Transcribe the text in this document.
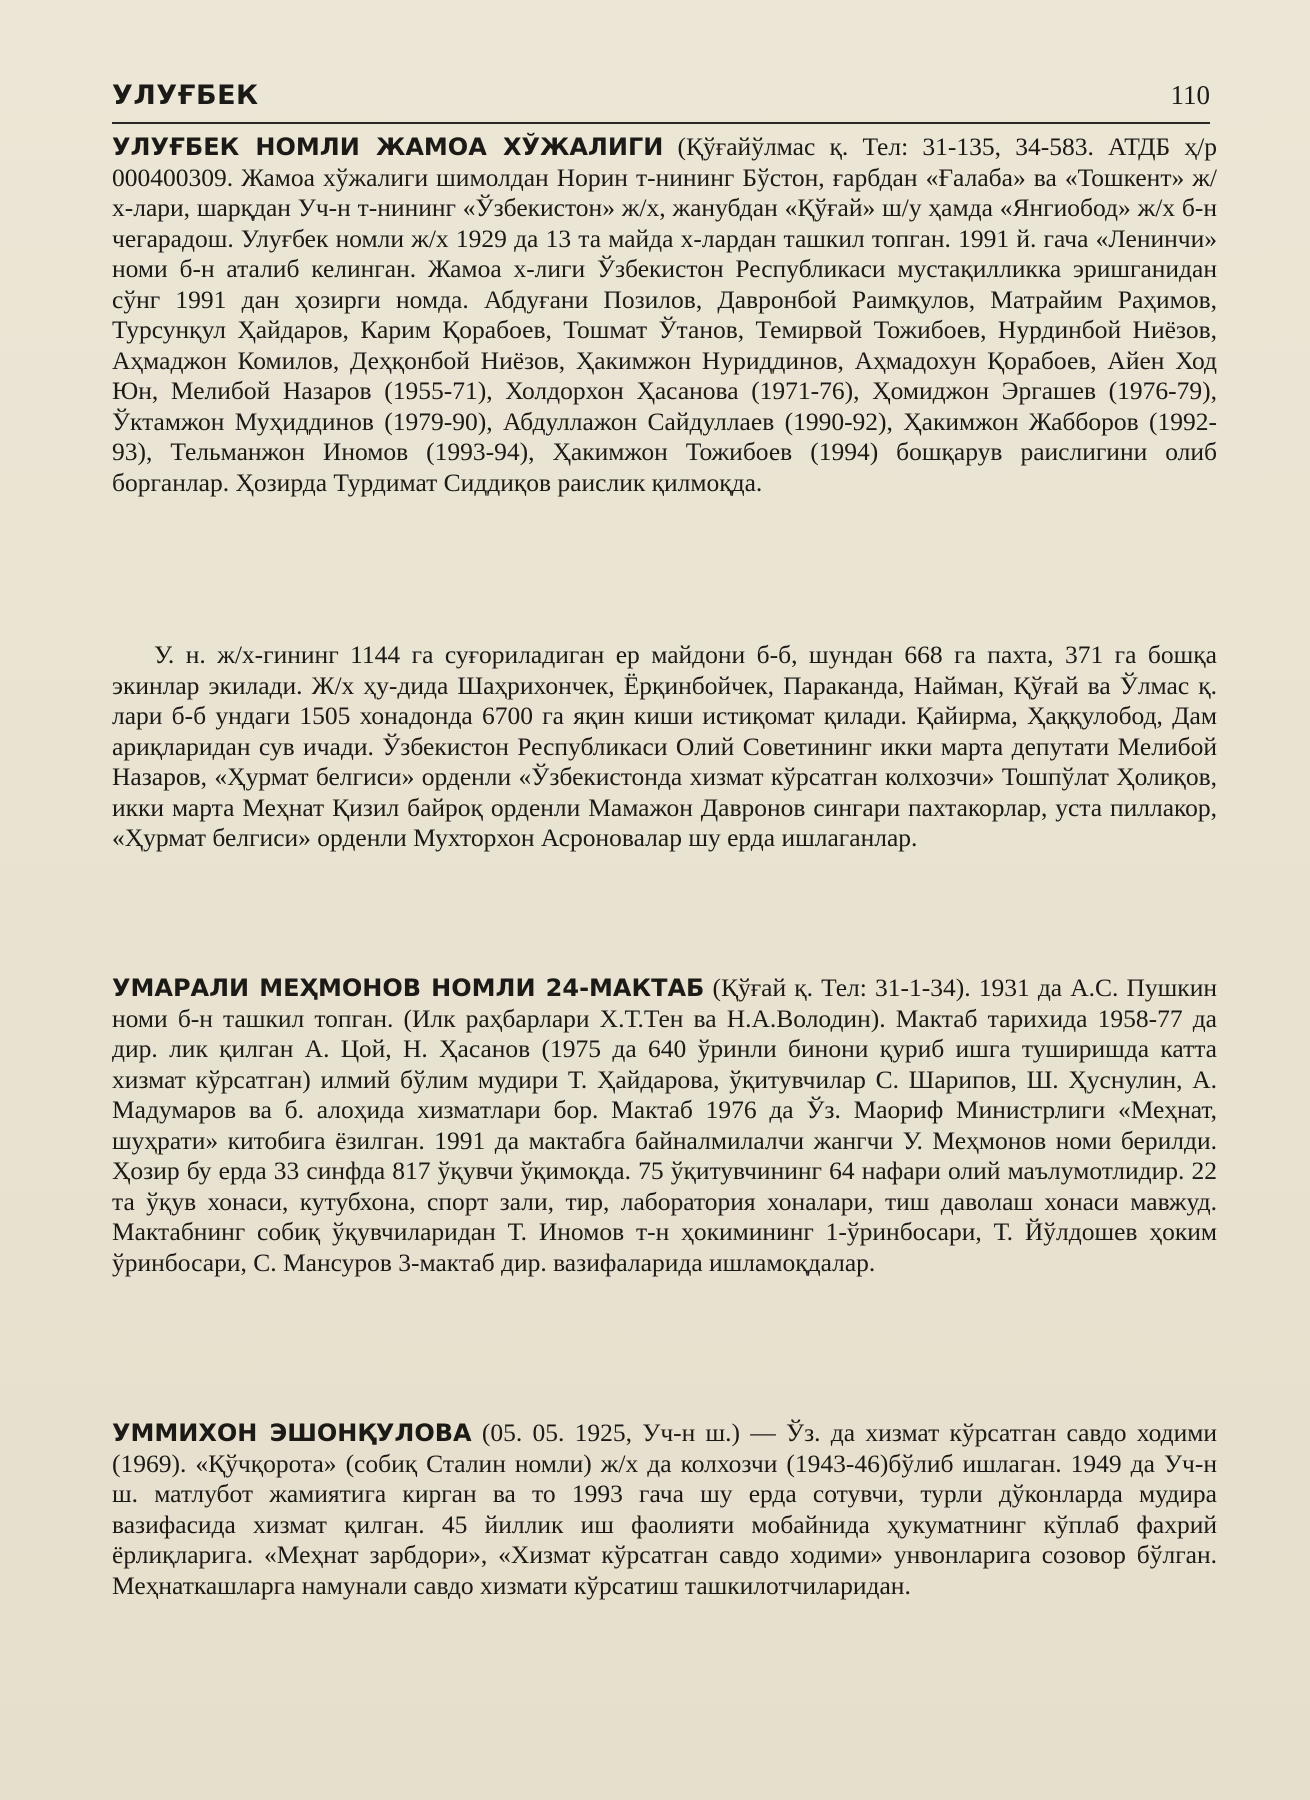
УЛУҒБЕК	110

УЛУҒБЕК НОМЛИ ЖАМОА ХЎЖАЛИГИ (Қўғайўлмас қ. Тел: 31-135, 34-583. АТДБ ҳ/р 000400309. Жамоа хўжалиги шимолдан Норин т-нининг Бўстон, ғарбдан «Ғалаба» ва «Тошкент» ж/х-лари, шарқдан Уч-н т-нининг «Ўзбекистон» ж/х, жанубдан «Қўғай» ш/у ҳамда «Янгиобод» ж/х б-н чегарадош. Улуғбек номли ж/х 1929 да 13 та майда х-лардан ташкил топган. 1991 й. гача «Ленинчи» номи б-н аталиб келинган. Жамоа х-лиги Ўзбекистон Республикаси мустақилликка эришганидан сўнг 1991 дан ҳозирги номда. Абдуғани Позилов, Давронбой Раимқулов, Матрайим Раҳимов, Турсунқул Ҳайдаров, Карим Қорабоев, Тошмат Ўтанов, Темирвой Тожибоев, Нурдинбой Ниёзов, Аҳмаджон Комилов, Деҳқонбой Ниёзов, Ҳакимжон Нуриддинов, Аҳмадохун Қорабоев, Айен Ход Юн, Мелибой Назаров (1955-71), Холдорхон Ҳасанова (1971-76), Ҳомиджон Эргашев (1976-79), Ўктамжон Муҳиддинов (1979-90), Абдуллажон Сайдуллаев (1990-92), Ҳакимжон Жабборов (1992-93), Тельманжон Иномов (1993-94), Ҳакимжон Тожибоев (1994) бошқарув раислигини олиб борганлар. Ҳозирда Турдимат Сиддиқов раислик қилмоқда.

У. н. ж/х-гининг 1144 га суғориладиган ер майдони б-б, шундан 668 га пахта, 371 га бошқа экинлар экилади. Ж/х ҳу-дида Шаҳрихончек, Ёрқинбойчек, Параканда, Найман, Қўғай ва Ўлмас қ. лари б-б ундаги 1505 хонадонда 6700 га яқин киши истиқомат қилади. Қайирма, Ҳаққулобод, Дам ариқларидан сув ичади. Ўзбекистон Республикаси Олий Советининг икки марта депутати Мелибой Назаров, «Ҳурмат белгиси» орденли «Ўзбекистонда хизмат кўрсатган колхозчи» Тошпўлат Ҳолиқов, икки марта Меҳнат Қизил байроқ орденли Мамажон Давронов сингари пахтакорлар, уста пиллакор, «Ҳурмат белгиси» орденли Мухторхон Асроновалар шу ерда ишлаганлар.

УМАРАЛИ МЕҲМОНОВ НОМЛИ 24-МАКТАБ (Қўғай қ. Тел: 31-1-34). 1931 да А.С. Пушкин номи б-н ташкил топган. (Илк раҳбарлари Х.Т.Тен ва Н.А.Володин). Мактаб тарихида 1958-77 да дир. лик қилган А. Цой, Н. Ҳасанов (1975 да 640 ўринли бинони қуриб ишга туширишда катта хизмат кўрсатган) илмий бўлим мудири Т. Ҳайдарова, ўқитувчилар С. Шарипов, Ш. Ҳуснулин, А. Мадумаров ва б. алоҳида хизматлари бор. Мактаб 1976 да Ўз. Маориф Министрлиги «Меҳнат, шуҳрати» китобига ёзилган. 1991 да мактабга байналмилалчи жангчи У. Меҳмонов номи берилди. Ҳозир бу ерда 33 синфда 817 ўқувчи ўқимоқда. 75 ўқитувчининг 64 нафари олий маълумотлидир. 22 та ўқув хонаси, кутубхона, спорт зали, тир, лаборатория хоналари, тиш даволаш хонаси мавжуд. Мактабнинг собиқ ўқувчиларидан Т. Иномов т-н ҳокимининг 1-ўринбосари, Т. Йўлдошев ҳоким ўринбосари, С. Мансуров 3-мактаб дир. вазифаларида ишламоқдалар.

УММИХОН ЭШОНҚУЛОВА (05. 05. 1925, Уч-н ш.) — Ўз. да хизмат кўрсатган савдо ходими (1969). «Қўчқорота» (собиқ Сталин номли) ж/х да колхозчи (1943-46)бўлиб ишлаган. 1949 да Уч-н ш. матлубот жамиятига кирган ва то 1993 гача шу ерда сотувчи, турли дўконларда мудира вазифасида хизмат қилган. 45 йиллик иш фаолияти мобайнида ҳукуматнинг кўплаб фахрий ёрлиқларига. «Меҳнат зарбдори», «Хизмат кўрсатган савдо ходими» унвонларига созовор бўлган. Меҳнаткашларга намунали савдо хизмати кўрсатиш ташкилотчиларидан.
